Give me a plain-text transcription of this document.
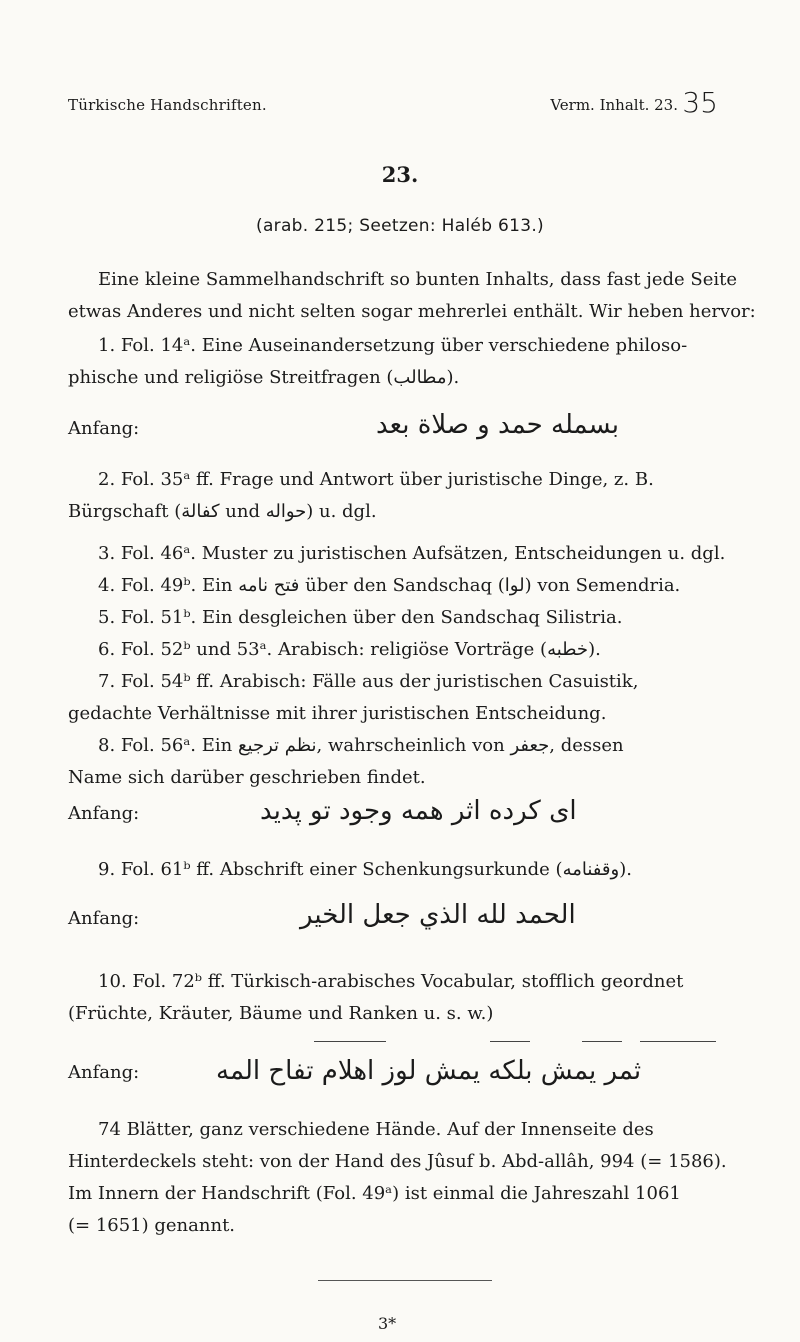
Türkische Handschriften.	Verm. Inhalt. 23. 35
23.
(arab. 215; Seetzen: Haléb 613.)
Eine kleine Sammelhandschrift so bunten Inhalts, dass fast jede Seite
etwas Anderes und nicht selten sogar mehrerlei enthält. Wir heben hervor:
1. Fol. 14ᵃ. Eine Auseinandersetzung über verschiedene philoso-
phische und religiöse Streitfragen (مطالب).
Anfang:	بسمله حمد و صلاة بعد
2. Fol. 35ᵃ ff. Frage und Antwort über juristische Dinge, z. B.
Bürgschaft (كفالة und حواله) u. dgl.
3. Fol. 46ᵃ. Muster zu juristischen Aufsätzen, Entscheidungen u. dgl.
4. Fol. 49ᵇ. Ein فتح نامه über den Sandschaq (لوا) von Semendria.
5. Fol. 51ᵇ. Ein desgleichen über den Sandschaq Silistria.
6. Fol. 52ᵇ und 53ᵃ. Arabisch: religiöse Vorträge (خطبه).
7. Fol. 54ᵇ ff. Arabisch: Fälle aus der juristischen Casuistik,
gedachte Verhältnisse mit ihrer juristischen Entscheidung.
8. Fol. 56ᵃ. Ein نظم ترجيع, wahrscheinlich von جعفر, dessen
Name sich darüber geschrieben findet.
Anfang:	ای کرده اثر همه وجود تو پدید
9. Fol. 61ᵇ ff. Abschrift einer Schenkungsurkunde (وقفنامه).
Anfang:	الحمد لله الذي جعل الخير
10. Fol. 72ᵇ ff. Türkisch-arabisches Vocabular, stofflich geordnet
(Früchte, Kräuter, Bäume und Ranken u. s. w.)
Anfang:	ثمر يمش بلکه يمش لوز اهلام تفاح المه
74 Blätter, ganz verschiedene Hände. Auf der Innenseite des
Hinterdeckels steht: von der Hand des Jûsuf b. Abd-allâh, 994 (= 1586).
Im Innern der Handschrift (Fol. 49ᵃ) ist einmal die Jahreszahl 1061
(= 1651) genannt.
3*
